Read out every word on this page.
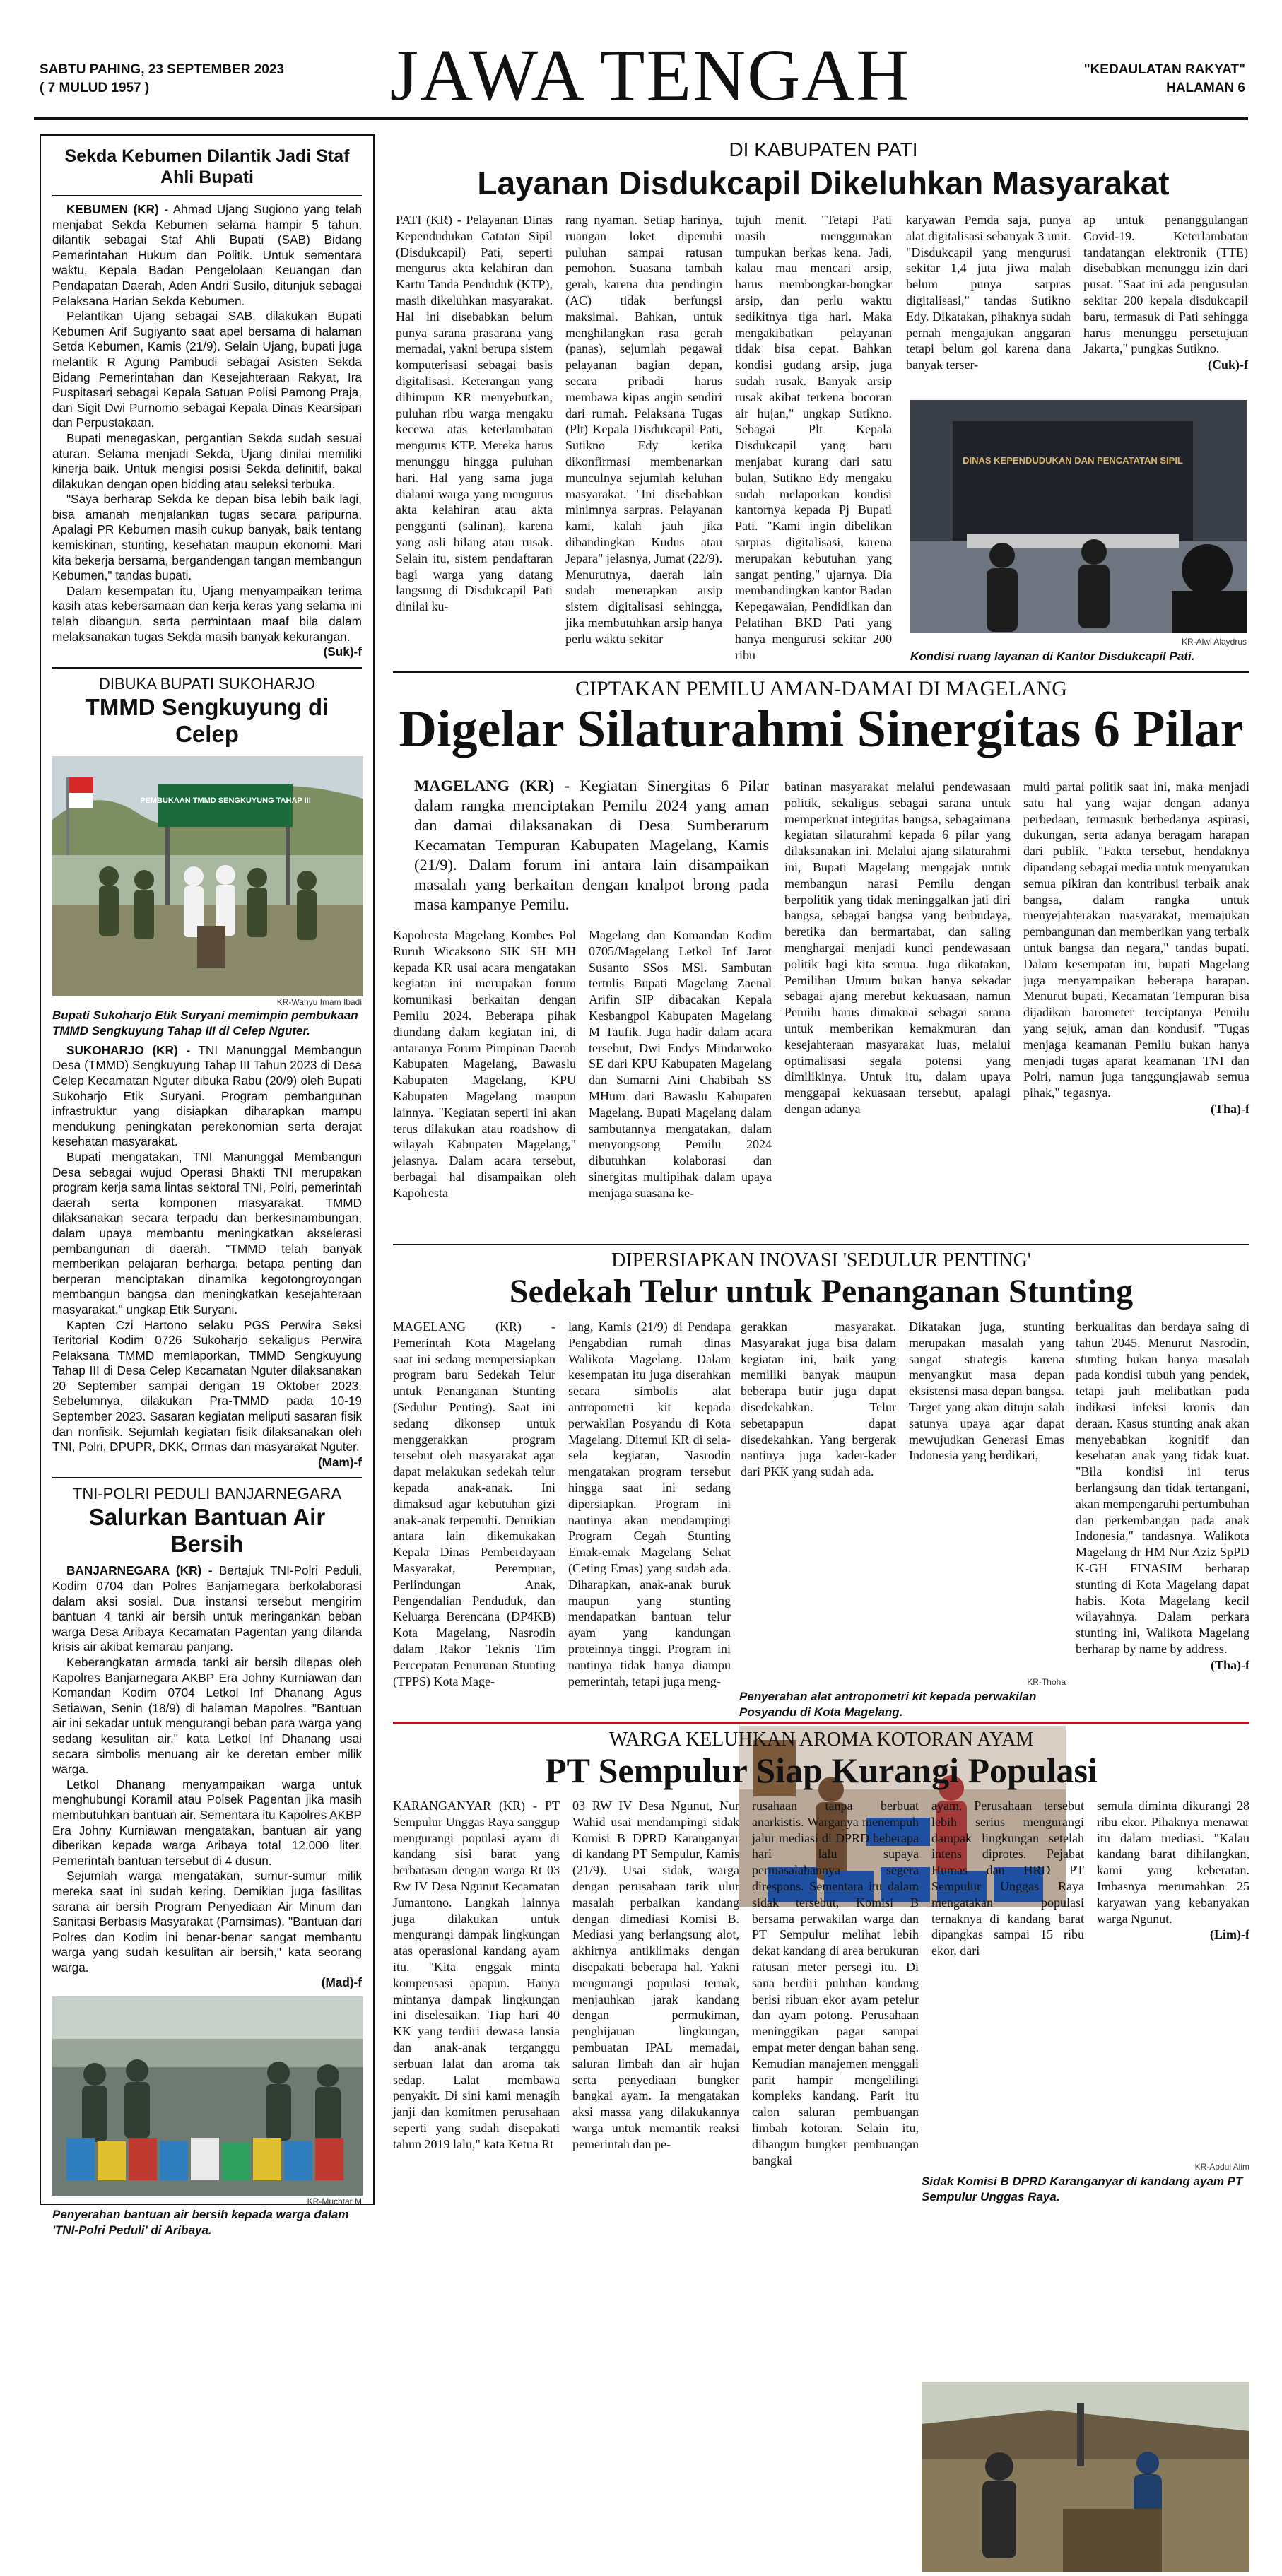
SABTU PAHING, 23 SEPTEMBER 2023
( 7 MULUD 1957 )	JAWA TENGAH	"KEDAULATAN RAKYAT"
HALAMAN 6
Sekda Kebumen Dilantik Jadi Staf Ahli Bupati

KEBUMEN (KR) - Ahmad Ujang Sugiono yang telah menjabat Sekda Kebumen selama hampir 5 tahun, dilantik sebagai Staf Ahli Bupati (SAB) Bidang Pemerintahan Hukum dan Politik. Untuk sementara waktu, Kepala Badan Pengelolaan Keuangan dan Pendapatan Daerah, Aden Andri Susilo, ditunjuk sebagai Pelaksana Harian Sekda Kebumen.

Pelantikan Ujang sebagai SAB, dilakukan Bupati Kebumen Arif Sugiyanto saat apel bersama di halaman Setda Kebumen, Kamis (21/9). Selain Ujang, bupati juga melantik R Agung Pambudi sebagai Asisten Sekda Bidang Pemerintahan dan Kesejahteraan Rakyat, Ira Puspitasari sebagai Kepala Satuan Polisi Pamong Praja, dan Sigit Dwi Purnomo sebagai Kepala Dinas Kearsipan dan Perpustakaan.

Bupati menegaskan, pergantian Sekda sudah sesuai aturan. Selama menjadi Sekda, Ujang dinilai memiliki kinerja baik. Untuk mengisi posisi Sekda definitif, bakal dilakukan dengan open bidding atau seleksi terbuka.

"Saya berharap Sekda ke depan bisa lebih baik lagi, bisa amanah menjalankan tugas secara paripurna. Apalagi PR Kebumen masih cukup banyak, baik tentang kemiskinan, stunting, kesehatan maupun ekonomi. Mari kita bekerja bersama, bergandengan tangan membangun Kebumen," tandas bupati.

Dalam kesempatan itu, Ujang menyampaikan terima kasih atas kebersamaan dan kerja keras yang selama ini telah dibangun, serta permintaan maaf bila dalam melaksanakan tugas Sekda masih banyak kekurangan.

(Suk)-f
DIBUKA BUPATI SUKOHARJO
TMMD Sengkuyung di Celep
PEMBUKAAN TMMD SENGKUYUNG TAHAP III
KR-Wahyu Imam Ibadi
Bupati Sukoharjo Etik Suryani memimpin pembukaan TMMD Sengkuyung Tahap III di Celep Nguter.

SUKOHARJO (KR) - TNI Manunggal Membangun Desa (TMMD) Sengkuyung Tahap III Tahun 2023 di Desa Celep Kecamatan Nguter dibuka Rabu (20/9) oleh Bupati Sukoharjo Etik Suryani. Program pembangunan infrastruktur yang disiapkan diharapkan mampu mendukung peningkatan perekonomian serta derajat kesehatan masyarakat.

Bupati mengatakan, TNI Manunggal Membangun Desa sebagai wujud Operasi Bhakti TNI merupakan program kerja sama lintas sektoral TNI, Polri, pemerintah daerah serta komponen masyarakat. TMMD dilaksanakan secara terpadu dan berkesinambungan, dalam upaya membantu meningkatkan akselerasi pembangunan di daerah. "TMMD telah banyak memberikan pelajaran berharga, betapa penting dan berperan menciptakan dinamika kegotongroyongan membangun bangsa dan meningkatkan kesejahteraan masyarakat," ungkap Etik Suryani.

Kapten Czi Hartono selaku PGS Perwira Seksi Teritorial Kodim 0726 Sukoharjo sekaligus Perwira Pelaksana TMMD memlaporkan, TMMD Sengkuyung Tahap III di Desa Celep Kecamatan Nguter dilaksanakan 20 September sampai dengan 19 Oktober 2023. Sebelumnya, dilakukan Pra-TMMD pada 10-19 September 2023. Sasaran kegiatan meliputi sasaran fisik dan nonfisik. Sejumlah kegiatan fisik dilaksanakan oleh TNI, Polri, DPUPR, DKK, Ormas dan masyarakat Nguter.

(Mam)-f
TNI-POLRI PEDULI BANJARNEGARA
Salurkan Bantuan Air Bersih

BANJARNEGARA (KR) - Bertajuk TNI-Polri Peduli, Kodim 0704 dan Polres Banjarnegara berkolaborasi dalam aksi sosial. Dua instansi tersebut mengirim bantuan 4 tanki air bersih untuk meringankan beban warga Desa Aribaya Kecamatan Pagentan yang dilanda krisis air akibat kemarau panjang.

Keberangkatan armada tanki air bersih dilepas oleh Kapolres Banjarnegara AKBP Era Johny Kurniawan dan Komandan Kodim 0704 Letkol Inf Dhanang Agus Setiawan, Senin (18/9) di halaman Mapolres. "Bantuan air ini sekadar untuk mengurangi beban para warga yang sedang kesulitan air," kata Letkol Inf Dhanang usai secara simbolis menuang air ke deretan ember milik warga.

Letkol Dhanang menyampaikan warga untuk menghubungi Koramil atau Polsek Pagentan jika masih membutuhkan bantuan air. Sementara itu Kapolres AKBP Era Johny Kurniawan mengatakan, bantuan air yang diberikan kepada warga Aribaya total 12.000 liter. Pemerintah bantuan tersebut di 4 dusun.

Sejumlah warga mengatakan, sumur-sumur milik mereka saat ini sudah kering. Demikian juga fasilitas sarana air bersih Program Penyediaan Air Minum dan Sanitasi Berbasis Masyarakat (Pamsimas). "Bantuan dari Polres dan Kodim ini benar-benar sangat membantu warga yang sudah kesulitan air bersih," kata seorang warga.

(Mad)-f
KR-Muchtar M
Penyerahan bantuan air bersih kepada warga dalam 'TNI-Polri Peduli' di Aribaya.
DI KABUPATEN PATI
Layanan Disdukcapil Dikeluhkan Masyarakat
PATI (KR) - Pelayanan Dinas Kependudukan Catatan Sipil (Disdukcapil) Pati, seperti mengurus akta kelahiran dan Kartu Tanda Penduduk (KTP), masih dikeluhkan masyarakat. Hal ini disebabkan belum punya sarana prasarana yang memadai, yakni berupa sistem komputerisasi sebagai basis digitalisasi. Keterangan yang dihimpun KR menyebutkan, puluhan ribu warga mengaku kecewa atas keterlambatan mengurus KTP. Mereka harus menunggu hingga puluhan hari. Hal yang sama juga dialami warga yang mengurus akta kelahiran atau akta pengganti (salinan), karena yang asli hilang atau rusak. Selain itu, sistem pendaftaran bagi warga yang datang langsung di Disdukcapil Pati dinilai ku-
rang nyaman. Setiap harinya, ruangan loket dipenuhi puluhan sampai ratusan pemohon. Suasana tambah gerah, karena dua pendingin (AC) tidak berfungsi maksimal. Bahkan, untuk menghilangkan rasa gerah (panas), sejumlah pegawai pelayanan bagian depan, secara pribadi harus membawa kipas angin sendiri dari rumah. Pelaksana Tugas (Plt) Kepala Disdukcapil Pati, Sutikno Edy ketika dikonfirmasi membenarkan munculnya sejumlah keluhan masyarakat. "Ini disebabkan minimnya sarpras. Pelayanan kami, kalah jauh jika dibandingkan Kudus atau Jepara" jelasnya, Jumat (22/9). Menurutnya, daerah lain sudah menerapkan arsip sistem digitalisasi sehingga, jika membutuhkan arsip hanya perlu waktu sekitar
tujuh menit. "Tetapi Pati masih menggunakan tumpukan berkas kena. Jadi, kalau mau mencari arsip, harus membongkar-bongkar arsip, dan perlu waktu sedikitnya tiga hari. Maka mengakibatkan pelayanan tidak bisa cepat. Bahkan kondisi gudang arsip, juga sudah rusak. Banyak arsip rusak akibat terkena bocoran air hujan," ungkap Sutikno. Sebagai Plt Kepala Disdukcapil yang baru menjabat kurang dari satu bulan, Sutikno Edy mengaku sudah melaporkan kondisi kantornya kepada Pj Bupati Pati. "Kami ingin dibelikan sarpras digitalisasi, karena merupakan kebutuhan yang sangat penting," ujarnya. Dia membandingkan kantor Badan Kepegawaian, Pendidikan dan Pelatihan BKD Pati yang hanya mengurusi sekitar 200 ribu
karyawan Pemda saja, punya alat digitalisasi sebanyak 3 unit. "Disdukcapil yang mengurusi sekitar 1,4 juta jiwa malah belum punya sarpras digitalisasi," tandas Sutikno Edy. Dikatakan, pihaknya sudah pernah mengajukan anggaran tetapi belum gol karena dana banyak terser-
ap untuk penanggulangan Covid-19. Keterlambatan tandatangan elektronik (TTE) disebabkan menunggu izin dari pusat. "Saat ini ada pengusulan sekitar 200 kepala disdukcapil baru, termasuk di Pati sehingga harus menunggu persetujuan Jakarta," pungkas Sutikno.
(Cuk)-f
DINAS KEPENDUDUKAN DAN PENCATATAN SIPIL
KR-Alwi Alaydrus
Kondisi ruang layanan di Kantor Disdukcapil Pati.
CIPTAKAN PEMILU AMAN-DAMAI DI MAGELANG
Digelar Silaturahmi Sinergitas 6 Pilar
MAGELANG (KR) - Kegiatan Sinergitas 6 Pilar dalam rangka menciptakan Pemilu 2024 yang aman dan damai dilaksanakan di Desa Sumberarum Kecamatan Tempuran Kabupaten Magelang, Kamis (21/9). Dalam forum ini antara lain disampaikan masalah yang berkaitan dengan knalpot brong pada masa kampanye Pemilu.
Kapolresta Magelang Kombes Pol Ruruh Wicaksono SIK SH MH kepada KR usai acara mengatakan kegiatan ini merupakan forum komunikasi berkaitan dengan Pemilu 2024. Beberapa pihak diundang dalam kegiatan ini, di antaranya Forum Pimpinan Daerah Kabupaten Magelang, Bawaslu Kabupaten Magelang, KPU Kabupaten Magelang maupun lainnya. "Kegiatan seperti ini akan terus dilakukan atau roadshow di wilayah Kabupaten Magelang," jelasnya. Dalam acara tersebut, berbagai hal disampaikan oleh Kapolresta
Magelang dan Komandan Kodim 0705/Magelang Letkol Inf Jarot Susanto SSos MSi. Sambutan tertulis Bupati Magelang Zaenal Arifin SIP dibacakan Kepala Kesbangpol Kabupaten Magelang M Taufik. Juga hadir dalam acara tersebut, Dwi Endys Mindarwoko SE dari KPU Kabupaten Magelang dan Sumarni Aini Chabibah SS MHum dari Bawaslu Kabupaten Magelang. Bupati Magelang dalam sambutannya mengatakan, dalam menyongsong Pemilu 2024 dibutuhkan kolaborasi dan sinergitas multipihak dalam upaya menjaga suasana ke-
batinan masyarakat melalui pendewasaan politik, sekaligus sebagai sarana untuk memperkuat integritas bangsa, sebagaimana kegiatan silaturahmi kepada 6 pilar yang dilaksanakan ini. Melalui ajang silaturahmi ini, Bupati Magelang mengajak untuk membangun narasi Pemilu dengan berpolitik yang tidak meninggalkan jati diri bangsa, sebagai bangsa yang berbudaya, beretika dan bermartabat, dan saling menghargai menjadi kunci pendewasaan politik bagi kita semua. Juga dikatakan, Pemilihan Umum bukan hanya sekadar sebagai ajang merebut kekuasaan, namun Pemilu harus dimaknai sebagai sarana untuk memberikan kemakmuran dan kesejahteraan masyarakat luas, melalui optimalisasi segala potensi yang dimilikinya. Untuk itu, dalam upaya menggapai kekuasaan tersebut, apalagi dengan adanya
multi partai politik saat ini, maka menjadi satu hal yang wajar dengan adanya perbedaan, termasuk berbedanya aspirasi, dukungan, serta adanya beragam harapan dari publik. "Fakta tersebut, hendaknya dipandang sebagai media untuk menyatukan semua pikiran dan kontribusi terbaik anak bangsa, dalam rangka untuk menyejahterakan masyarakat, memajukan pembangunan dan memberikan yang terbaik untuk bangsa dan negara," tandas bupati. Dalam kesempatan itu, bupati Magelang juga menyampaikan beberapa harapan. Menurut bupati, Kecamatan Tempuran bisa dijadikan barometer terciptanya Pemilu yang sejuk, aman dan kondusif. "Tugas menjaga keamanan Pemilu bukan hanya menjadi tugas aparat keamanan TNI dan Polri, namun juga tanggungjawab semua pihak," tegasnya.
(Tha)-f
DIPERSIAPKAN INOVASI 'SEDULUR PENTING'
Sedekah Telur untuk Penanganan Stunting
MAGELANG (KR) - Pemerintah Kota Magelang saat ini sedang mempersiapkan program baru Sedekah Telur untuk Penanganan Stunting (Sedulur Penting). Saat ini sedang dikonsep untuk menggerakkan program tersebut oleh masyarakat agar dapat melakukan sedekah telur kepada anak-anak. Ini dimaksud agar kebutuhan gizi anak-anak terpenuhi. Demikian antara lain dikemukakan Kepala Dinas Pemberdayaan Masyarakat, Perempuan, Perlindungan Anak, Pengendalian Penduduk, dan Keluarga Berencana (DP4KB) Kota Magelang, Nasrodin dalam Rakor Teknis Tim Percepatan Penurunan Stunting (TPPS) Kota Mage-
lang, Kamis (21/9) di Pendapa Pengabdian rumah dinas Walikota Magelang. Dalam kesempatan itu juga diserahkan secara simbolis alat antropometri kit kepada perwakilan Posyandu di Kota Magelang. Ditemui KR di sela-sela kegiatan, Nasrodin mengatakan program tersebut hingga saat ini sedang dipersiapkan. Program ini nantinya akan mendampingi Program Cegah Stunting Emak-emak Magelang Sehat (Ceting Emas) yang sudah ada. Diharapkan, anak-anak buruk maupun yang stunting mendapatkan bantuan telur ayam yang kandungan proteinnya tinggi. Program ini nantinya tidak hanya diampu pemerintah, tetapi juga meng-
gerakkan masyarakat. Masyarakat juga bisa dalam kegiatan ini, baik yang memiliki banyak maupun beberapa butir juga dapat disedekahkan. Telur sebetapapun dapat disedekahkan. Yang bergerak nantinya juga kader-kader dari PKK yang sudah ada.
Dikatakan juga, stunting merupakan masalah yang sangat strategis karena menyangkut masa depan eksistensi masa depan bangsa. Target yang akan dituju salah satunya upaya agar dapat mewujudkan Generasi Emas Indonesia yang berdikari,
berkualitas dan berdaya saing di tahun 2045. Menurut Nasrodin, stunting bukan hanya masalah pada kondisi tubuh yang pendek, tetapi jauh melibatkan pada indikasi infeksi kronis dan deraan. Kasus stunting anak akan menyebabkan kognitif dan kesehatan anak yang tidak kuat. "Bila kondisi ini terus berlangsung dan tidak tertangani, akan mempengaruhi pertumbuhan dan perkembangan pada anak Indonesia," tandasnya. Walikota Magelang dr HM Nur Aziz SpPD K-GH FINASIM berharap stunting di Kota Magelang dapat habis. Kota Magelang kecil wilayahnya. Dalam perkara stunting ini, Walikota Magelang berharap by name by address.
(Tha)-f
KR-Thoha
Penyerahan alat antropometri kit kepada perwakilan Posyandu di Kota Magelang.
WARGA KELUHKAN AROMA KOTORAN AYAM
PT Sempulur Siap Kurangi Populasi
KARANGANYAR (KR) - PT Sempulur Unggas Raya sanggup mengurangi populasi ayam di kandang sisi barat yang berbatasan dengan warga Rt 03 Rw IV Desa Ngunut Kecamatan Jumantono. Langkah lainnya juga dilakukan untuk mengurangi dampak lingkungan atas operasional kandang ayam itu. "Kita enggak minta kompensasi apapun. Hanya mintanya dampak lingkungan ini diselesaikan. Tiap hari 40 KK yang terdiri dewasa lansia dan anak-anak terganggu serbuan lalat dan aroma tak sedap. Lalat membawa penyakit. Di sini kami menagih janji dan komitmen perusahaan seperti yang sudah disepakati tahun 2019 lalu," kata Ketua Rt
03 RW IV Desa Ngunut, Nur Wahid usai mendampingi sidak Komisi B DPRD Karanganyar di kandang PT Sempulur, Kamis (21/9). Usai sidak, warga dengan perusahaan tarik ulur masalah perbaikan kandang dengan dimediasi Komisi B. Mediasi yang berlangsung alot, akhirnya antiklimaks dengan disepakati beberapa hal. Yakni mengurangi populasi ternak, menjauhkan jarak kandang dengan permukiman, penghijauan lingkungan, pembuatan IPAL memadai, saluran limbah dan air hujan serta penyediaan bungker bangkai ayam. Ia mengatakan aksi massa yang dilakukannya warga untuk memantik reaksi pemerintah dan pe-
rusahaan tanpa berbuat anarkistis. Warganya menempuh jalur mediasi di DPRD beberapa hari lalu supaya permasalahannya segera direspons. Sementara itu dalam sidak tersebut, Komisi B bersama perwakilan warga dan PT Sempulur melihat lebih dekat kandang di area berukuran ratusan meter persegi itu. Di sana berdiri puluhan kandang berisi ribuan ekor ayam petelur dan ayam potong. Perusahaan meninggikan pagar sampai empat meter dengan bahan seng. Kemudian manajemen menggali parit hampir mengelilingi kompleks kandang. Parit itu calon saluran pembuangan limbah kotoran. Selain itu, dibangun bungker pembuangan bangkai
ayam. Perusahaan tersebut lebih serius mengurangi dampak lingkungan setelah intens diprotes. Pejabat Humas dan HRD PT Sempulur Unggas Raya mengatakan populasi ternaknya di kandang barat dipangkas sampai 15 ribu ekor, dari
semula diminta dikurangi 28 ribu ekor. Pihaknya menawar itu dalam mediasi. "Kalau kandang barat dihilangkan, kami yang keberatan. Imbasnya merumahkan 25 karyawan yang kebanyakan warga Ngunut.
(Lim)-f
KR-Abdul Alim
Sidak Komisi B DPRD Karanganyar di kandang ayam PT Sempulur Unggas Raya.
